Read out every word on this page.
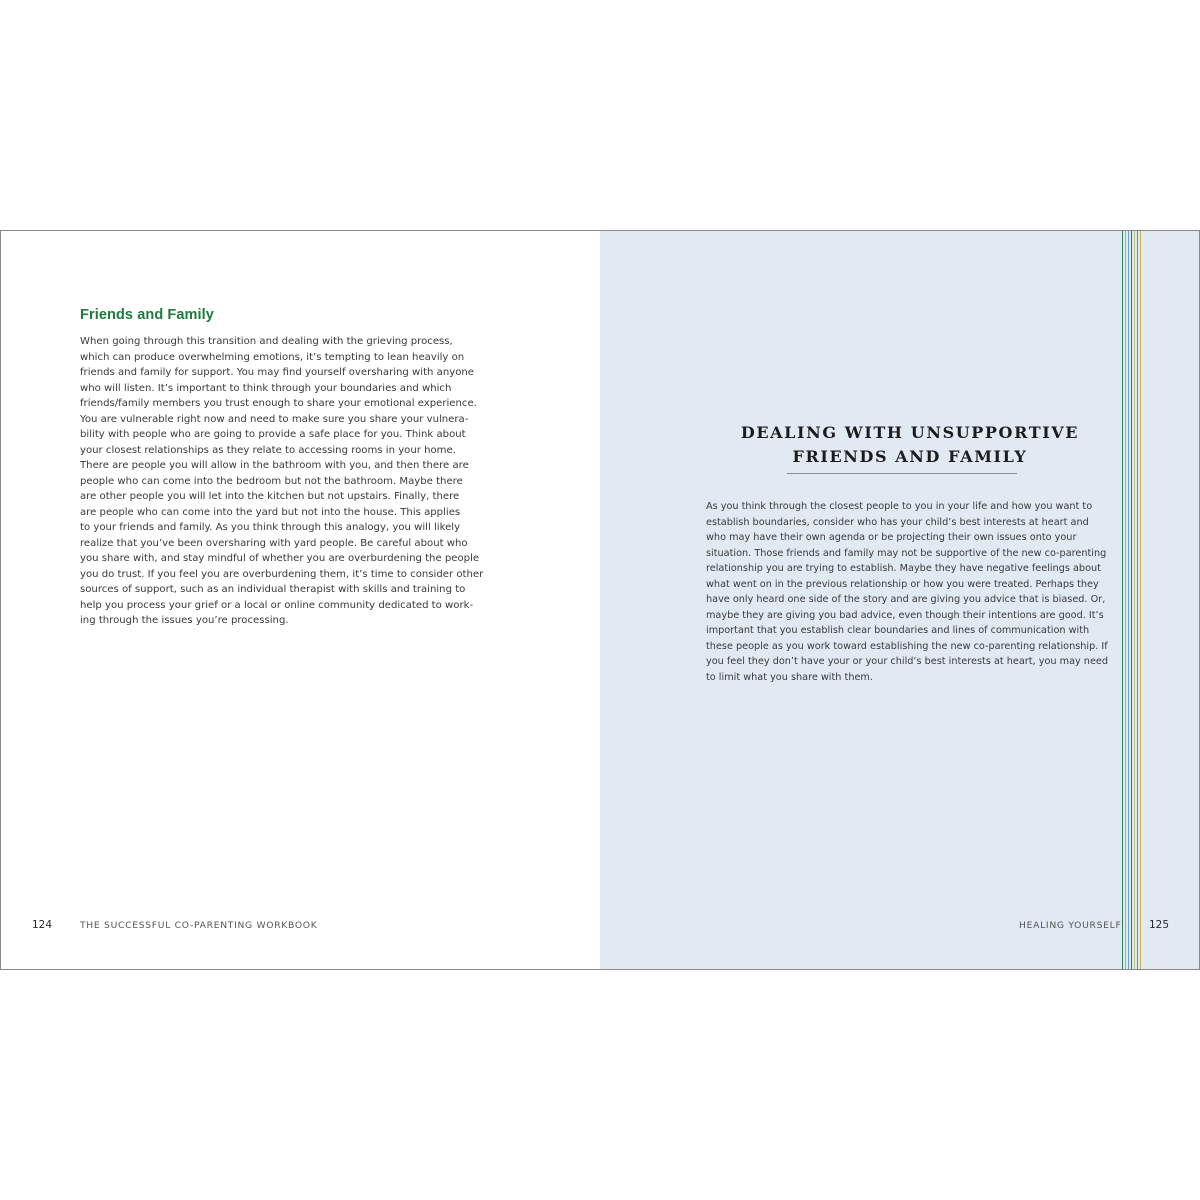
Friends and Family

When going through this transition and dealing with the grieving process,
which can produce overwhelming emotions, it’s tempting to lean heavily on
friends and family for support. You may find yourself oversharing with anyone
who will listen. It’s important to think through your boundaries and which
friends/family members you trust enough to share your emotional experience.
You are vulnerable right now and need to make sure you share your vulnera-
bility with people who are going to provide a safe place for you. Think about
your closest relationships as they relate to accessing rooms in your home.
There are people you will allow in the bathroom with you, and then there are
people who can come into the bedroom but not the bathroom. Maybe there
are other people you will let into the kitchen but not upstairs. Finally, there
are people who can come into the yard but not into the house. This applies
to your friends and family. As you think through this analogy, you will likely
realize that you’ve been oversharing with yard people. Be careful about who
you share with, and stay mindful of whether you are overburdening the people
you do trust. If you feel you are overburdening them, it’s time to consider other
sources of support, such as an individual therapist with skills and training to
help you process your grief or a local or online community dedicated to work-
ing through the issues you’re processing.

124	THE SUCCESSFUL CO-PARENTING WORKBOOK
DEALING WITH UNSUPPORTIVE
FRIENDS AND FAMILY

As you think through the closest people to you in your life and how you want to
establish boundaries, consider who has your child’s best interests at heart and
who may have their own agenda or be projecting their own issues onto your
situation. Those friends and family may not be supportive of the new co-parenting
relationship you are trying to establish. Maybe they have negative feelings about
what went on in the previous relationship or how you were treated. Perhaps they
have only heard one side of the story and are giving you advice that is biased. Or,
maybe they are giving you bad advice, even though their intentions are good. It’s
important that you establish clear boundaries and lines of communication with
these people as you work toward establishing the new co-parenting relationship. If
you feel they don’t have your or your child’s best interests at heart, you may need
to limit what you share with them.

HEALING YOURSELF	125
